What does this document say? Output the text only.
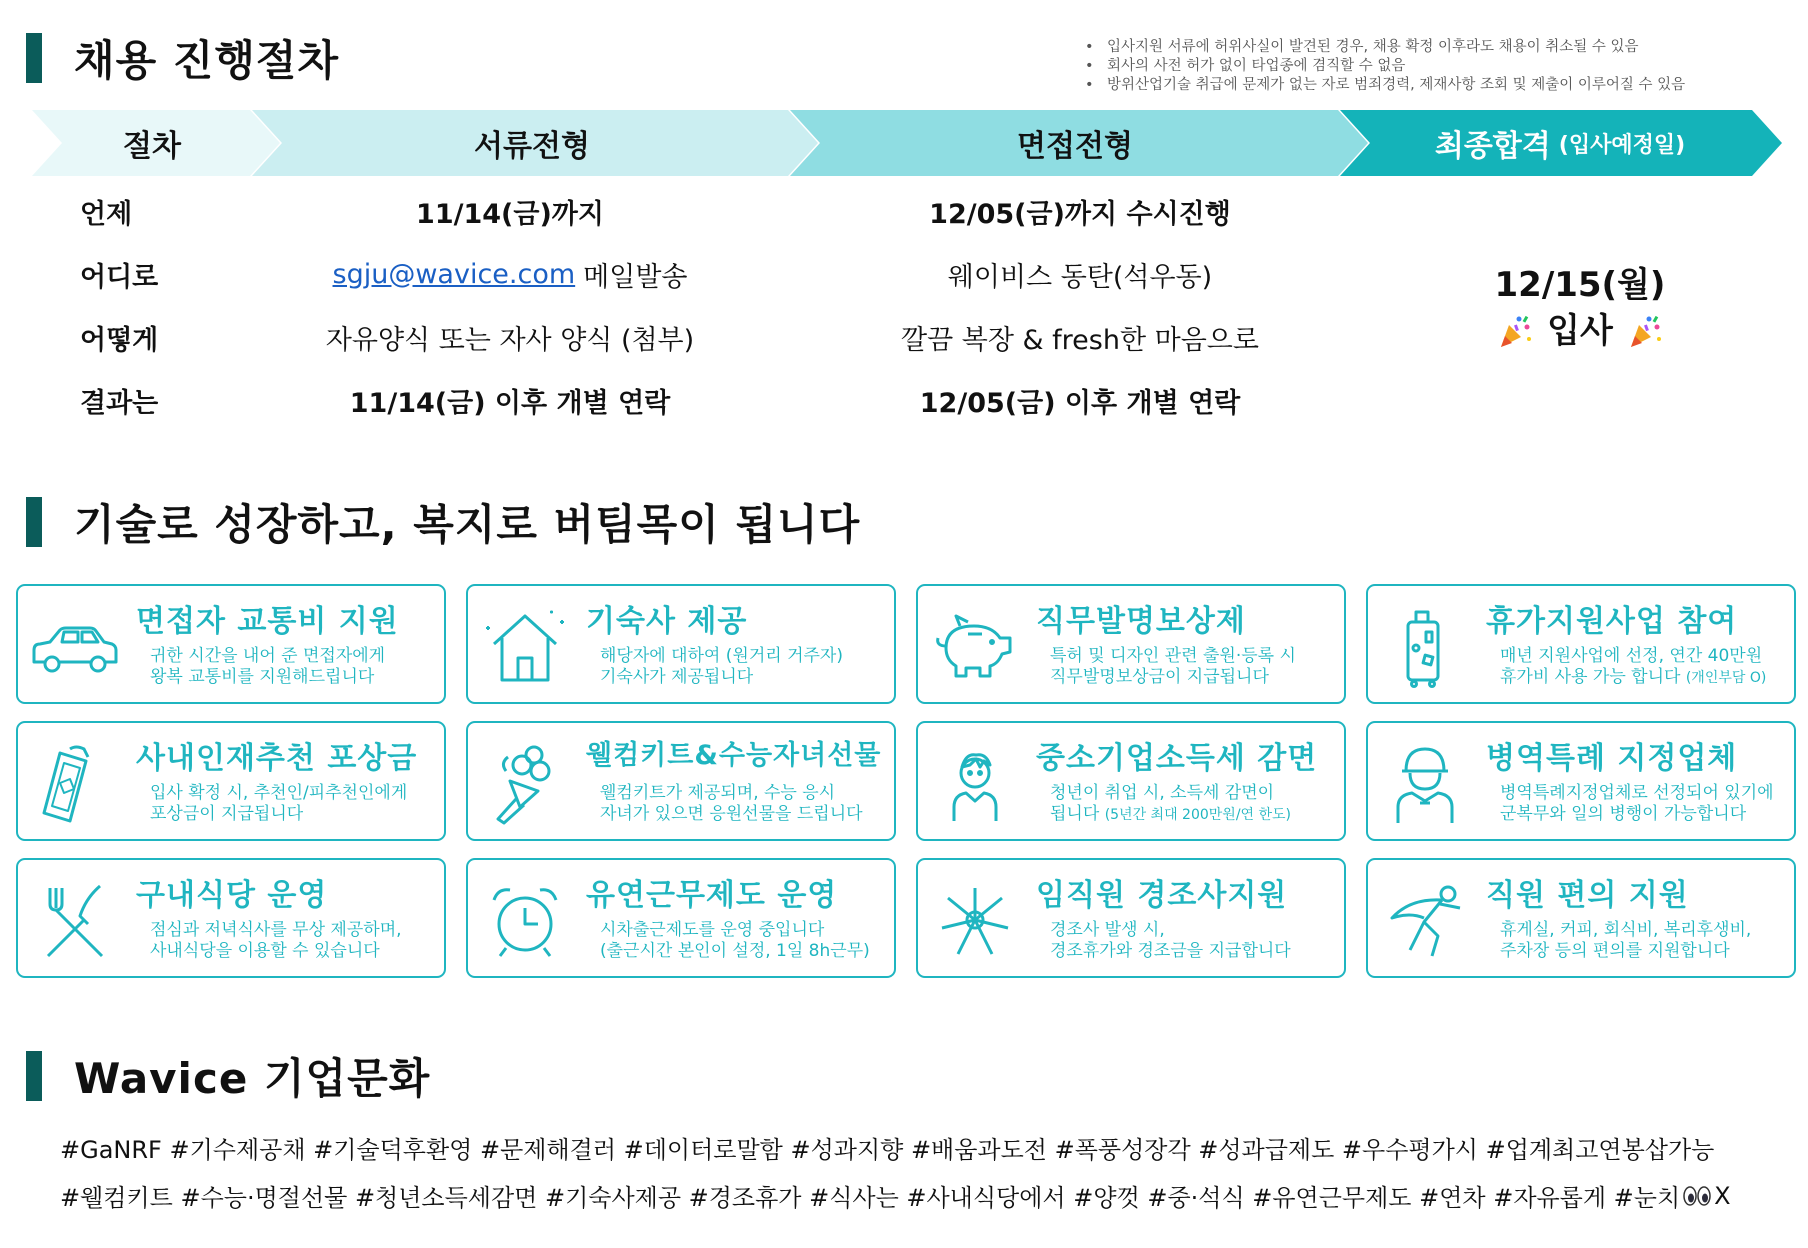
채용 진행절차
•	입사지원 서류에 허위사실이 발견된 경우, 채용 확정 이후라도 채용이 취소될 수 있음
• 회사의 사전 허가 없이 타업종에 겸직할 수 없음
• 방위산업기술 취급에 문제가 없는 자로 범죄경력, 제재사항 조회 및 제출이 이루어질 수 있음
절차	서류전형	면접전형	최종합격 (입사예정일)
언제	11/14(금)까지	12/05(금)까지 수시진행
어디로	sgju@wavice.com 메일발송	웨이비스 동탄(석우동)
어떻게	자유양식 또는 자사 양식 (첨부)	깔끔 복장 & fresh한 마음으로
결과는	11/14(금) 이후 개별 연락	12/05(금) 이후 개별 연락
12/15(월)
입사
기술로 성장하고, 복지로 버팀목이 됩니다
면접자 교통비 지원
귀한 시간을 내어 준 면접자에게
왕복 교통비를 지원해드립니다
기숙사 제공
해당자에 대하여 (원거리 거주자)
기숙사가 제공됩니다
직무발명보상제
특허 및 디자인 관련 출원·등록 시
직무발명보상금이 지급됩니다
휴가지원사업 참여
매년 지원사업에 선정, 연간 40만원
휴가비 사용 가능 합니다 (개인부담 O)
사내인재추천 포상금
입사 확정 시, 추천인/피추천인에게
포상금이 지급됩니다
웰컴키트&수능자녀선물
웰컴키트가 제공되며, 수능 응시
자녀가 있으면 응원선물을 드립니다
중소기업소득세 감면
청년이 취업 시, 소득세 감면이
됩니다 (5년간 최대 200만원/연 한도)
병역특례 지정업체
병역특례지정업체로 선정되어 있기에
군복무와 일의 병행이 가능합니다
구내식당 운영
점심과 저녁식사를 무상 제공하며,
사내식당을 이용할 수 있습니다
유연근무제도 운영
시차출근제도를 운영 중입니다
(출근시간 본인이 설정, 1일 8h근무)
임직원 경조사지원
경조사 발생 시,
경조휴가와 경조금을 지급합니다
직원 편의 지원
휴게실, 커피, 회식비, 복리후생비,
주차장 등의 편의를 지원합니다
Wavice 기업문화
#GaNRF #기수제공채 #기술덕후환영 #문제해결러 #데이터로말함 #성과지향 #배움과도전 #폭풍성장각 #성과급제도 #우수평가시 #업계최고연봉삽가능
#웰컴키트 #수능·명절선물 #청년소득세감면 #기숙사제공 #경조휴가 #식사는 #사내식당에서 #양껏 #중·석식 #유연근무제도 #연차 #자유롭게 #눈치 X
